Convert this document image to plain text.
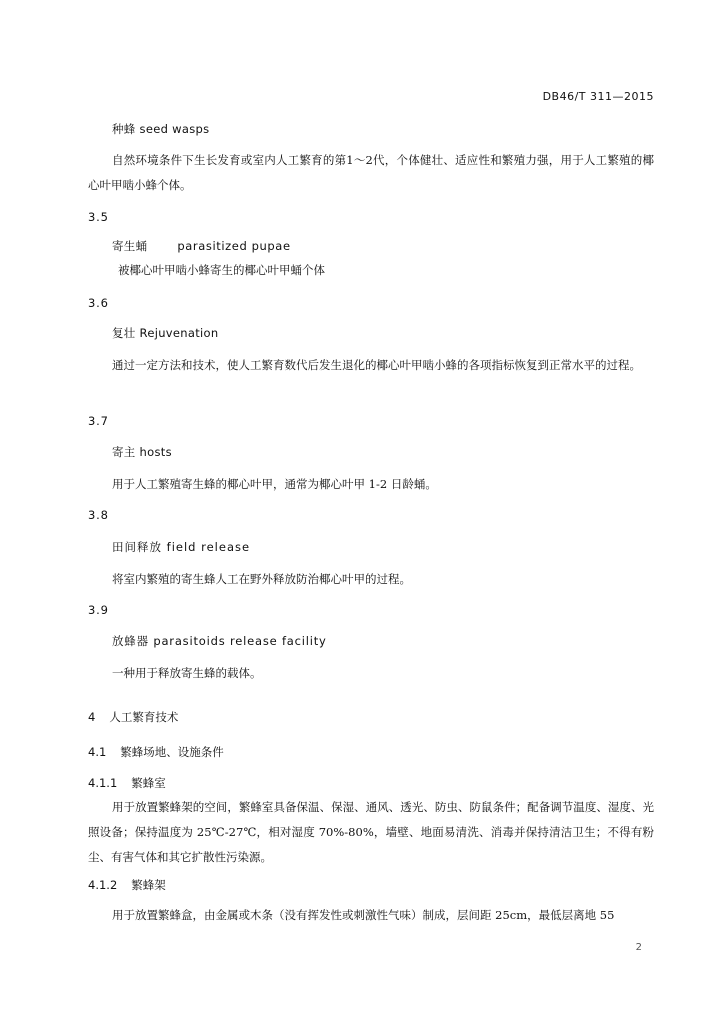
DB46/T 311—2015
种蜂 seed wasps
自然环境条件下生长发育或室内人工繁育的第1～2代，个体健壮、适应性和繁殖力强，用于人工繁殖的椰心叶甲啮小蜂个体。
3.5
寄生蛹	parasitized pupae
被椰心叶甲啮小蜂寄生的椰心叶甲蛹个体
3.6
复壮 Rejuvenation
通过一定方法和技术，使人工繁育数代后发生退化的椰心叶甲啮小蜂的各项指标恢复到正常水平的过程。
3.7
寄主 hosts
用于人工繁殖寄生蜂的椰心叶甲，通常为椰心叶甲 1-2 日龄蛹。
3.8
田间释放 field release
将室内繁殖的寄生蜂人工在野外释放防治椰心叶甲的过程。
3.9
放蜂器 parasitoids release facility
一种用于释放寄生蜂的载体。
4 人工繁育技术
4.1 繁蜂场地、设施条件
4.1.1 繁蜂室
用于放置繁蜂架的空间，繁蜂室具备保温、保湿、通风、透光、防虫、防鼠条件；配备调节温度、湿度、光照设备；保持温度为 25℃-27℃，相对湿度 70%-80%，墙壁、地面易清洗、消毒并保持清洁卫生；不得有粉尘、有害气体和其它扩散性污染源。
4.1.2 繁蜂架
用于放置繁蜂盒，由金属或木条（没有挥发性或刺激性气味）制成，层间距 25cm，最低层离地 55
2
